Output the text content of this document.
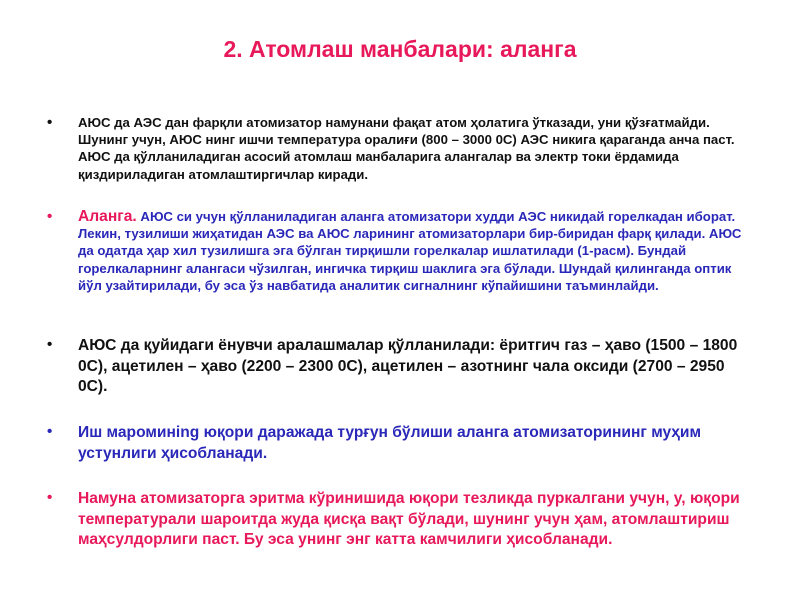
2. Атомлаш манбалари: аланга
• АЮС да АЭС дан фарқли атомизатор намунани фақат атом ҳолатига ўтказади, уни қўзғатмайди. Шунинг учун, АЮС нинг ишчи температура оралиғи (800 – 3000 0С) АЭС никига қараганда анча паст. АЮС да қўлланиладиган асосий атомлаш манбаларига алангалар ва электр токи ёрдамида қиздириладиган атомлаштиргичлар киради.
• Аланга. АЮС си учун қўлланиладиган аланга атомизатори худди АЭС никидай горелкадан иборат. Лекин, тузилиши жиҳатидан АЭС ва АЮС ларининг атомизаторлари бир-биридан фарқ қилади. АЮС да одатда ҳар хил тузилишга эга бўлган тирқишли горелкалар ишлатилади (1-расм). Бундай горелкаларнинг алангаси чўзилган, ингичка тирқиш шаклига эга бўлади. Шундай қилинганда оптик йўл узайтирилади, бу эса ўз навбатида аналитик сигналнинг кўпайишини таъминлайди.
• АЮС да қуйидаги ёнувчи аралашмалар қўлланилади: ёритгич газ – ҳаво (1500 – 1800 0С), ацетилен – ҳаво (2200 – 2300 0С), ацетилен – азотнинг чала оксиди (2700 – 2950 0С).
• Иш мароминing юқори даражада турғун бўлиши аланга атомизаторининг муҳим устунлиги ҳисобланади.
• Намуна атомизаторга эритма кўринишида юқори тезликда пуркалгани учун, у, юқори температурали шароитда жуда қисқа вақт бўлади, шунинг учун ҳам, атомлаштириш маҳсулдорлиги паст. Бу эса унинг энг катта камчилиги ҳисобланади.
